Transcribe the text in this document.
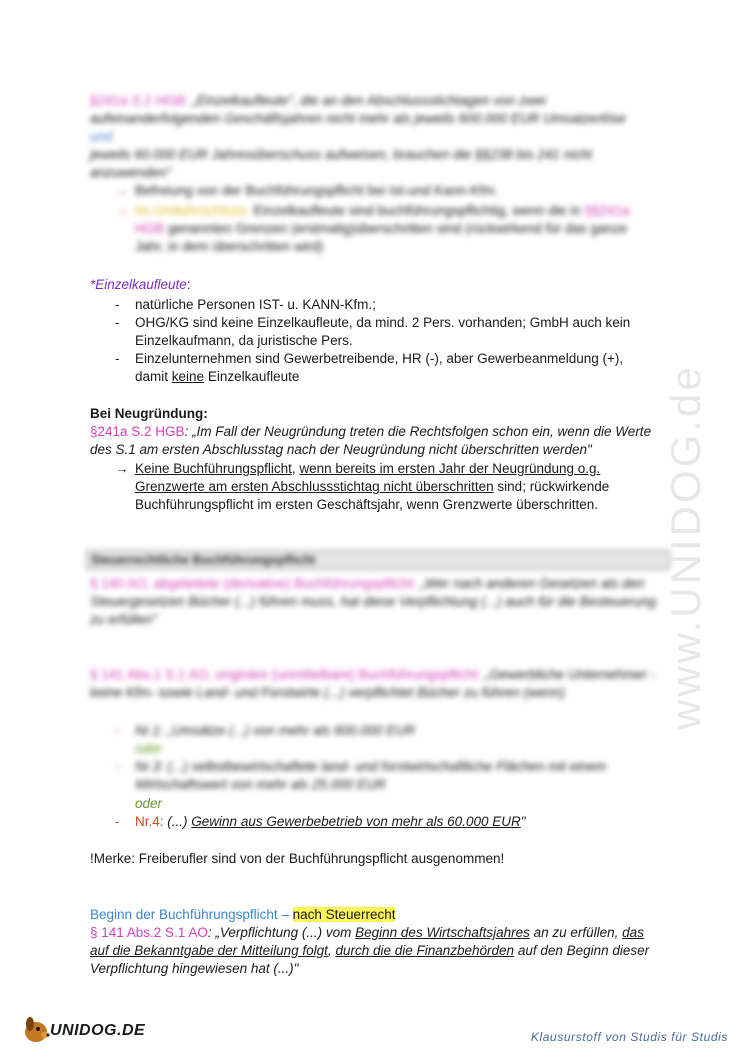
§241a S.1 HGB: „Einzelkaufleute", die an den Abschlussstichtagen von zwei aufeinanderfolgenden Geschäftsjahren nicht mehr als jeweils 600.000 EUR Umsatzerlöse
und
jeweils 60.000 EUR Jahresüberschuss aufweisen, brauchen die §§238 bis 241 nicht anzuwenden"
→ Befreiung von der Buchführungspflicht bei Ist-und Kann-Kfm.
→ Im Umkehrschluss: Einzelkaufleute sind buchführungspflichtig, wenn die in §§241a HGB genannten Grenzen (erstmalig)überschritten sind (rückwirkend für das ganze Jahr, in dem überschritten wird)
*Einzelkaufleute:
-	natürliche Personen IST- u. KANN-Kfm.;
-	OHG/KG sind keine Einzelkaufleute, da mind. 2 Pers. vorhanden; GmbH auch kein Einzelkaufmann, da juristische Pers.
-	Einzelunternehmen sind Gewerbetreibende, HR (-), aber Gewerbeanmeldung (+),
damit keine Einzelkaufleute
Bei Neugründung:
§241a S.2 HGB: „Im Fall der Neugründung treten die Rechtsfolgen schon ein, wenn die Werte des S.1 am ersten Abschlusstag nach der Neugründung nicht überschritten werden"
→ Keine Buchführungspflicht, wenn bereits im ersten Jahr der Neugründung o.g. Grenzwerte am ersten Abschlussstichtag nicht überschritten sind; rückwirkende Buchführungspflicht im ersten Geschäftsjahr, wenn Grenzwerte überschritten.
Steuerrechtliche Buchführungspflicht
§ 140 AO, abgeleitete (derivative) Buchführungspflicht: „Wer nach anderen Gesetzen als den Steuergesetzen Bücher (...) führen muss, hat diese Verpflichtung (...) auch für die Besteuerung zu erfüllen"
§ 141 Abs.1 S.1 AO, originäre (unmittelbare) Buchführungspflicht: „Gewerbliche Unternehmer -keine Kfm- sowie Land- und Forstwirte (...) verpflichtet Bücher zu führen (wenn)
-	Nr.1: „Umsätze (...) von mehr als 600.000 EUR
oder
-	Nr.3: (...) selbstbewirtschaftete land- und forstwirtschaftliche Flächen mit einem Wirtschaftswert von mehr als 25.000 EUR
oder
-	Nr.4: (...) Gewinn aus Gewerbebetrieb von mehr als 60.000 EUR"
!Merke: Freiberufler sind von der Buchführungspflicht ausgenommen!
Beginn der Buchführungspflicht – nach Steuerrecht
§ 141 Abs.2 S.1 AO: „Verpflichtung (...) vom Beginn des Wirtschaftsjahres an zu erfüllen, das auf die Bekanntgabe der Mitteilung folgt, durch die die Finanzbehörden auf den Beginn dieser Verpflichtung hingewiesen hat (...)"
www.UNIDOG.de
UNIDOG.DE	Klausurstoff von Studis für Studis
